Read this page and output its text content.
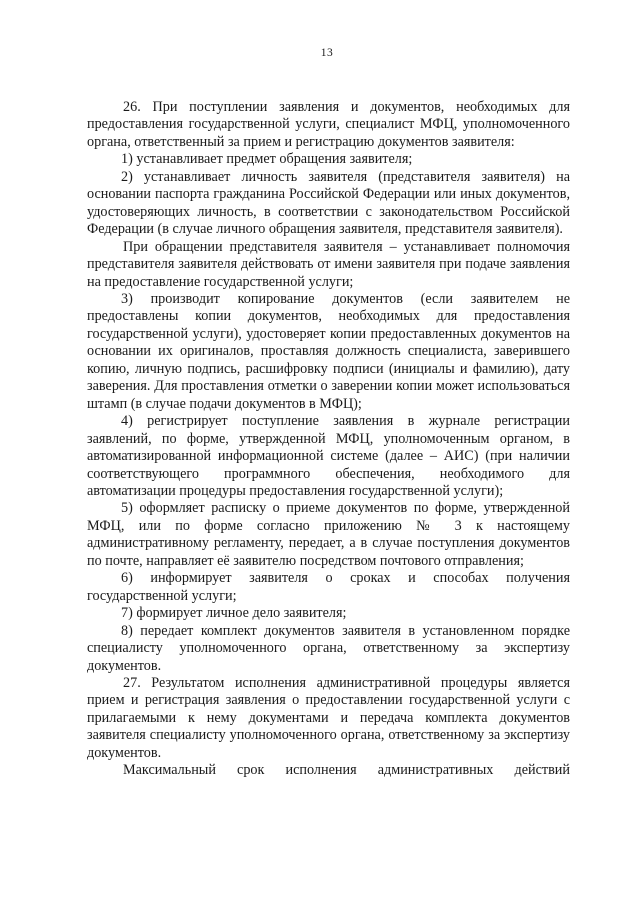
13

26. При поступлении заявления и документов, необходимых для предоставления государственной услуги, специалист МФЦ, уполномоченного органа, ответственный за прием и регистрацию документов заявителя:

1) устанавливает предмет обращения заявителя;

2) устанавливает личность заявителя (представителя заявителя) на основании паспорта гражданина Российской Федерации или иных документов, удостоверяющих личность, в соответствии с законодательством Российской Федерации (в случае личного обращения заявителя, представителя заявителя).

При обращении представителя заявителя – устанавливает полномочия представителя заявителя действовать от имени заявителя при подаче заявления на предоставление государственной услуги;

3) производит копирование документов (если заявителем не предоставлены копии документов, необходимых для предоставления государственной услуги), удостоверяет копии предоставленных документов на основании их оригиналов, проставляя должность специалиста, заверившего копию, личную подпись, расшифровку подписи (инициалы и фамилию), дату заверения. Для проставления отметки о заверении копии может использоваться штамп (в случае подачи документов в МФЦ);

4) регистрирует поступление заявления в журнале регистрации заявлений, по форме, утвержденной МФЦ, уполномоченным органом, в автоматизированной информационной системе (далее – АИС) (при наличии соответствующего программного обеспечения, необходимого для автоматизации процедуры предоставления государственной услуги);

5) оформляет расписку о приеме документов по форме, утвержденной МФЦ, или по форме согласно приложению № 3 к настоящему административному регламенту, передает, а в случае поступления документов по почте, направляет её заявителю посредством почтового отправления;

6) информирует заявителя о сроках и способах получения государственной услуги;

7) формирует личное дело заявителя;

8) передает комплект документов заявителя в установленном порядке специалисту уполномоченного органа, ответственному за экспертизу документов.

27. Результатом исполнения административной процедуры является прием и регистрация заявления о предоставлении государственной услуги с прилагаемыми к нему документами и передача комплекта документов заявителя специалисту уполномоченного органа, ответственному за экспертизу документов.

Максимальный срок исполнения административных действий
